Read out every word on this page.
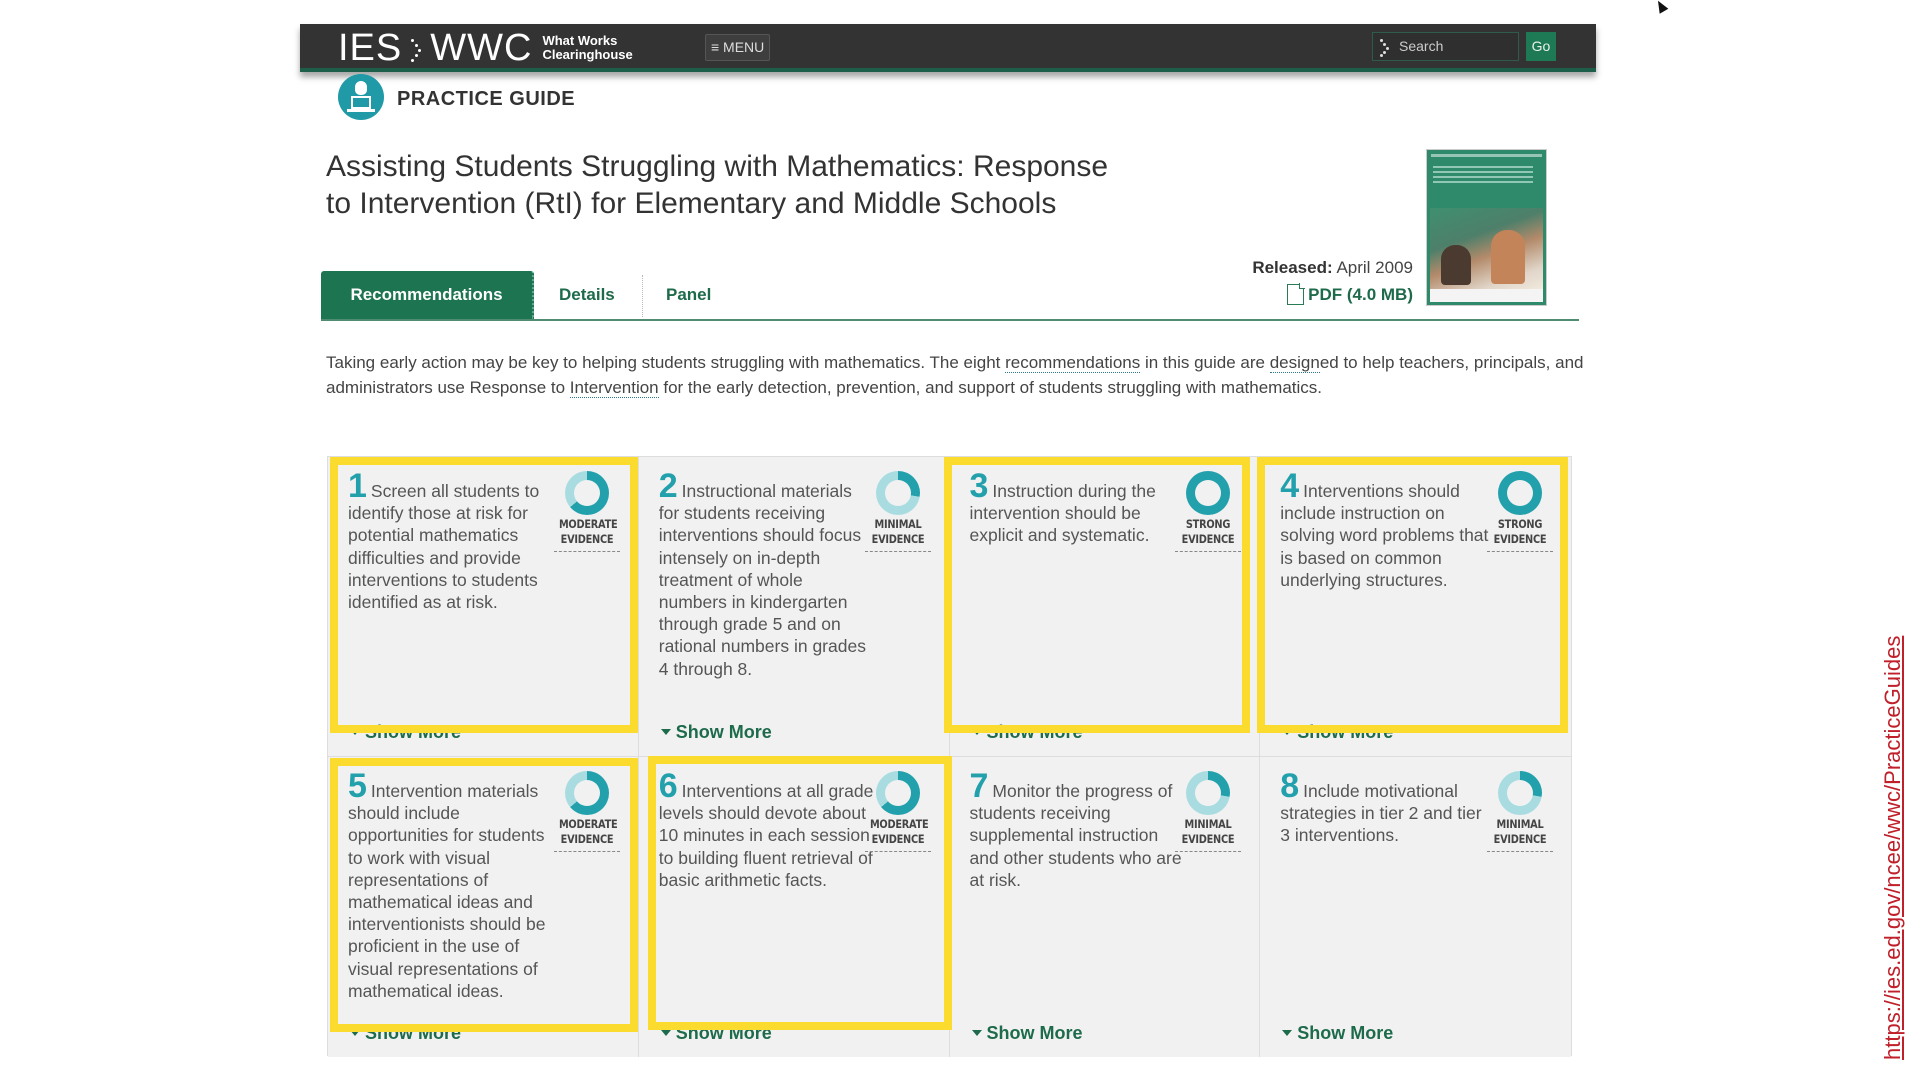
IES WWC What Works
Clearinghouse	≡ MENU	Search	Go
PRACTICE GUIDE
Assisting Students Struggling with Mathematics: Response to Intervention (RtI) for Elementary and Middle Schools
Released: April 2009
PDF (4.0 MB)
Recommendations	Details	Panel

Taking early action may be key to helping students struggling with mathematics. The eight recommendations in this guide are designed to help teachers, principals, and administrators use Response to Intervention for the early detection, prevention, and support of students struggling with mathematics.

1 Screen all students to identify those at risk for potential mathematics difficulties and provide interventions to students identified as at risk.
MODERATE
EVIDENCE
Show More
2 Instructional materials for students receiving interventions should focus intensely on in-depth treatment of whole numbers in kindergarten through grade 5 and on rational numbers in grades 4 through 8.
MINIMAL
EVIDENCE
Show More
3 Instruction during the intervention should be explicit and systematic.
STRONG
EVIDENCE
Show More
4 Interventions should include instruction on solving word problems that is based on common underlying structures.
STRONG
EVIDENCE
Show More
5 Intervention materials should include opportunities for students to work with visual representations of mathematical ideas and interventionists should be proficient in the use of visual representations of mathematical ideas.
MODERATE
EVIDENCE
Show More
6 Interventions at all grade levels should devote about 10 minutes in each session to building fluent retrieval of basic arithmetic facts.
MODERATE
EVIDENCE
Show More
7 Monitor the progress of students receiving supplemental instruction and other students who are at risk.
MINIMAL
EVIDENCE
Show More
8 Include motivational strategies in tier 2 and tier 3 interventions.
MINIMAL
EVIDENCE
Show More	https://ies.ed.gov/ncee/wwc/PracticeGuides
